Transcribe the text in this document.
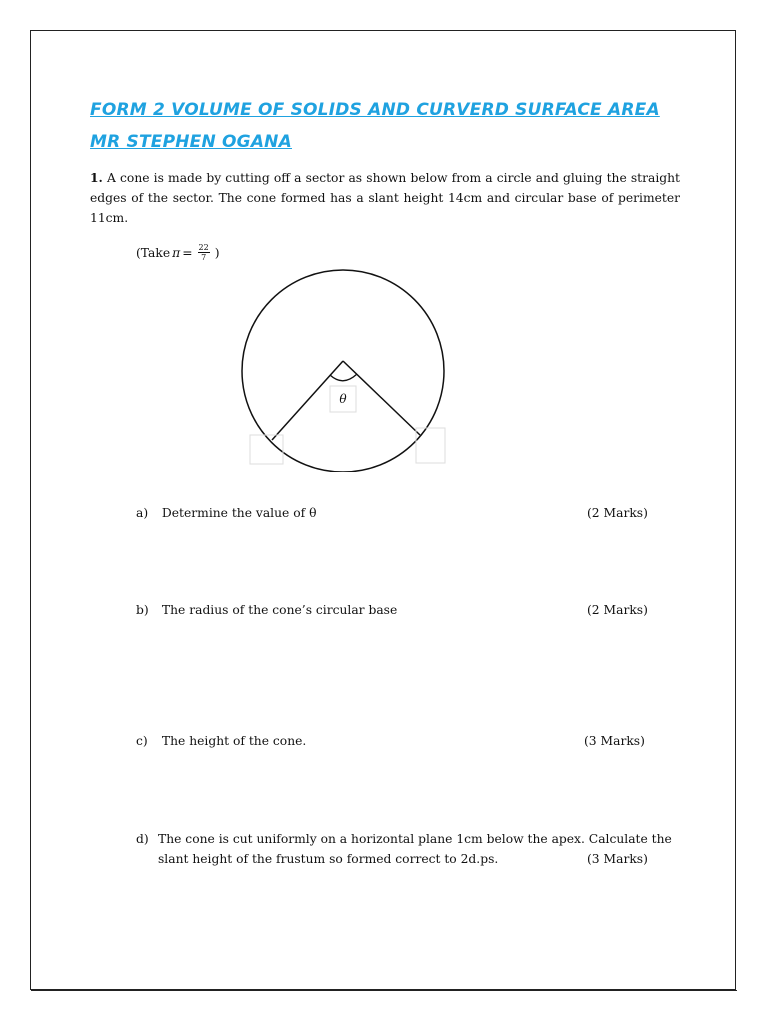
FORM 2 VOLUME OF SOLIDS AND CURVERD SURFACE AREA MR STEPHEN OGANA
1. A cone is made by cutting off a sector as shown below from a circle and gluing the straight edges of the sector. The cone formed has a slant height 14cm and circular base of perimeter 11cm.
(Take $\pi = \frac{22}{7}$ )
θ
a) Determine the value of θ	(2 Marks)
b) The radius of the cone’s circular base	(2 Marks)
c) The height of the cone.	(3 Marks)
d) The cone is cut uniformly on a horizontal plane 1cm below the apex. Calculate the slant height of the frustum so formed correct to 2d.ps.	(3 Marks)
